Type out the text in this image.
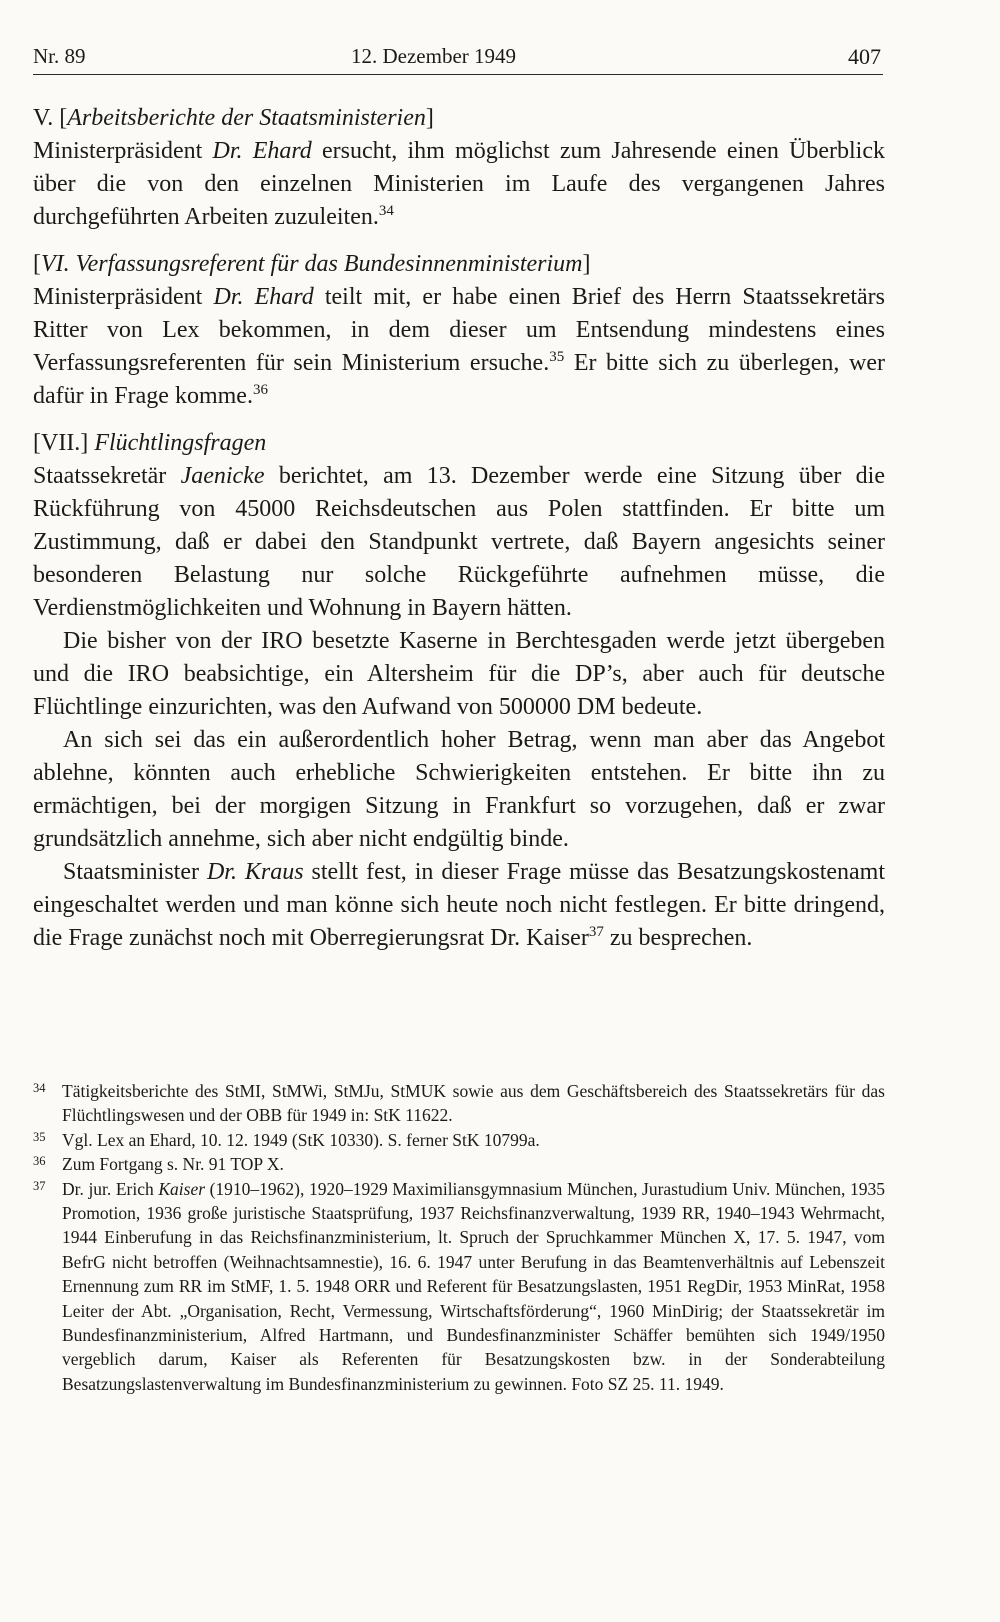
Nr. 89	12. Dezember 1949	407

V. [Arbeitsberichte der Staatsministerien]

Ministerpräsident Dr. Ehard ersucht, ihm möglichst zum Jahresende einen Überblick über die von den einzelnen Ministerien im Laufe des vergangenen Jahres durchgeführten Arbeiten zuzuleiten.$^{34}$

[VI. Verfassungsreferent für das Bundesinnenministerium]

Ministerpräsident Dr. Ehard teilt mit, er habe einen Brief des Herrn Staatssekretärs Ritter von Lex bekommen, in dem dieser um Entsendung mindestens eines Verfassungsreferenten für sein Ministerium ersuche.$^{35}$ Er bitte sich zu überlegen, wer dafür in Frage komme.$^{36}$

[VII.] Flüchtlingsfragen

Staatssekretär Jaenicke berichtet, am 13. Dezember werde eine Sitzung über die Rückführung von 45000 Reichsdeutschen aus Polen stattfinden. Er bitte um Zustimmung, daß er dabei den Standpunkt vertrete, daß Bayern angesichts seiner besonderen Belastung nur solche Rückgeführte aufnehmen müsse, die Verdienstmöglichkeiten und Wohnung in Bayern hätten.

Die bisher von der IRO besetzte Kaserne in Berchtesgaden werde jetzt übergeben und die IRO beabsichtige, ein Altersheim für die DP’s, aber auch für deutsche Flüchtlinge einzurichten, was den Aufwand von 500000 DM bedeute.

An sich sei das ein außerordentlich hoher Betrag, wenn man aber das Angebot ablehne, könnten auch erhebliche Schwierigkeiten entstehen. Er bitte ihn zu ermächtigen, bei der morgigen Sitzung in Frankfurt so vorzugehen, daß er zwar grundsätzlich annehme, sich aber nicht endgültig binde.

Staatsminister Dr. Kraus stellt fest, in dieser Frage müsse das Besatzungskostenamt eingeschaltet werden und man könne sich heute noch nicht festlegen. Er bitte dringend, die Frage zunächst noch mit Oberregierungsrat Dr. Kaiser$^{37}$ zu besprechen.

34 Tätigkeitsberichte des StMI, StMWi, StMJu, StMUK sowie aus dem Geschäftsbereich des Staatssekretärs für das Flüchtlingswesen und der OBB für 1949 in: StK 11622.
35 Vgl. Lex an Ehard, 10. 12. 1949 (StK 10330). S. ferner StK 10799a.
36 Zum Fortgang s. Nr. 91 TOP X.
37 Dr. jur. Erich Kaiser (1910–1962), 1920–1929 Maximiliansgymnasium München, Jurastudium Univ. München, 1935 Promotion, 1936 große juristische Staatsprüfung, 1937 Reichsfinanzverwaltung, 1939 RR, 1940–1943 Wehrmacht, 1944 Einberufung in das Reichsfinanzministerium, lt. Spruch der Spruchkammer München X, 17. 5. 1947, vom BefrG nicht betroffen (Weihnachtsamnestie), 16. 6. 1947 unter Berufung in das Beamtenverhältnis auf Lebenszeit Ernennung zum RR im StMF, 1. 5. 1948 ORR und Referent für Besatzungslasten, 1951 RegDir, 1953 MinRat, 1958 Leiter der Abt. „Organisation, Recht, Vermessung, Wirtschaftsförderung“, 1960 MinDirig; der Staatssekretär im Bundesfinanzministerium, Alfred Hartmann, und Bundesfinanzminister Schäffer bemühten sich 1949/1950 vergeblich darum, Kaiser als Referenten für Besatzungskosten bzw. in der Sonderabteilung Besatzungslastenverwaltung im Bundesfinanzministerium zu gewinnen. Foto SZ 25. 11. 1949.
